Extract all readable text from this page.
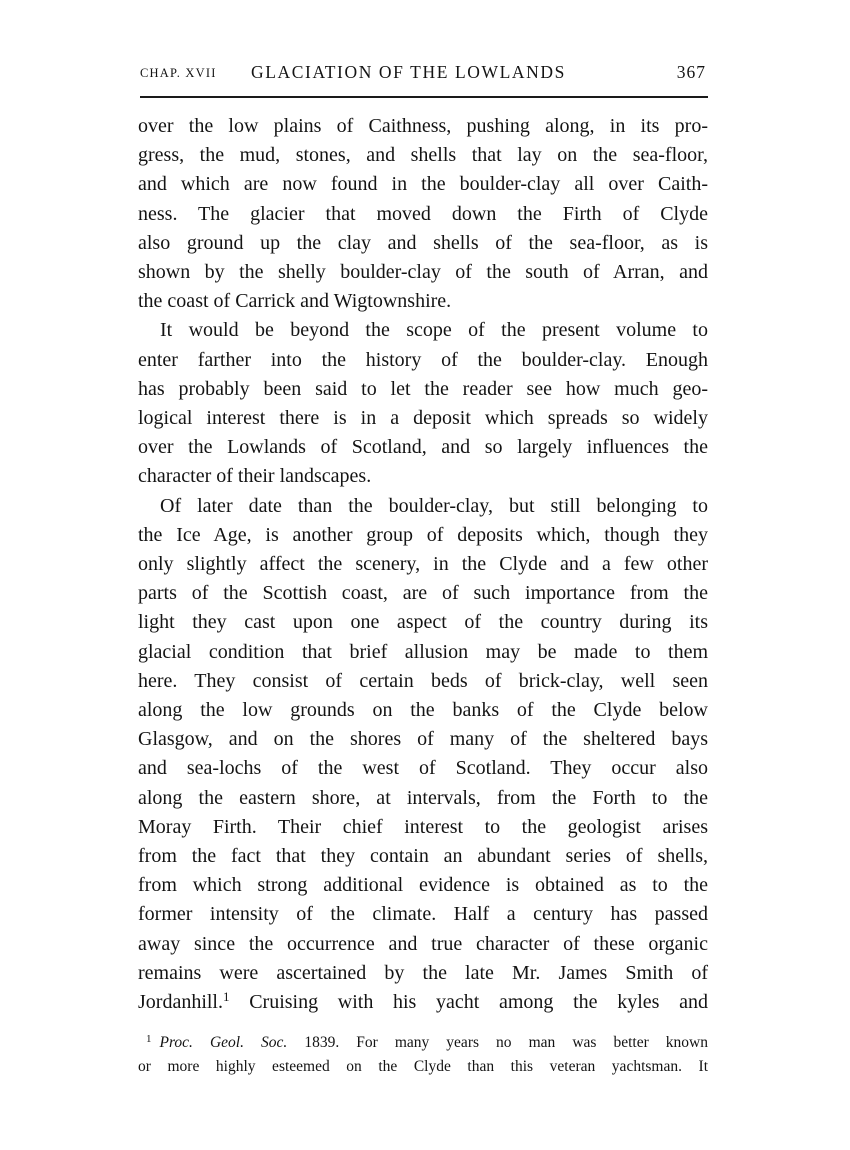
CHAP. XVII GLACIATION OF THE LOWLANDS	367
over the low plains of Caithness, pushing along, in its pro-
gress, the mud, stones, and shells that lay on the sea-floor,
and which are now found in the boulder-clay all over Caith-
ness. The glacier that moved down the Firth of Clyde
also ground up the clay and shells of the sea-floor, as is
shown by the shelly boulder-clay of the south of Arran, and
the coast of Carrick and Wigtownshire.
It would be beyond the scope of the present volume to
enter farther into the history of the boulder-clay. Enough
has probably been said to let the reader see how much geo-
logical interest there is in a deposit which spreads so widely
over the Lowlands of Scotland, and so largely influences the
character of their landscapes.
Of later date than the boulder-clay, but still belonging to
the Ice Age, is another group of deposits which, though they
only slightly affect the scenery, in the Clyde and a few other
parts of the Scottish coast, are of such importance from the
light they cast upon one aspect of the country during its
glacial condition that brief allusion may be made to them
here. They consist of certain beds of brick-clay, well seen
along the low grounds on the banks of the Clyde below
Glasgow, and on the shores of many of the sheltered bays
and sea-lochs of the west of Scotland. They occur also
along the eastern shore, at intervals, from the Forth to the
Moray Firth. Their chief interest to the geologist arises
from the fact that they contain an abundant series of shells,
from which strong additional evidence is obtained as to the
former intensity of the climate. Half a century has passed
away since the occurrence and true character of these organic
remains were ascertained by the late Mr. James Smith of
Jordanhill.$^1$ Cruising with his yacht among the kyles and
$^1$ Proc. Geol. Soc. 1839. For many years no man was better known
or more highly esteemed on the Clyde than this veteran yachtsman. It
